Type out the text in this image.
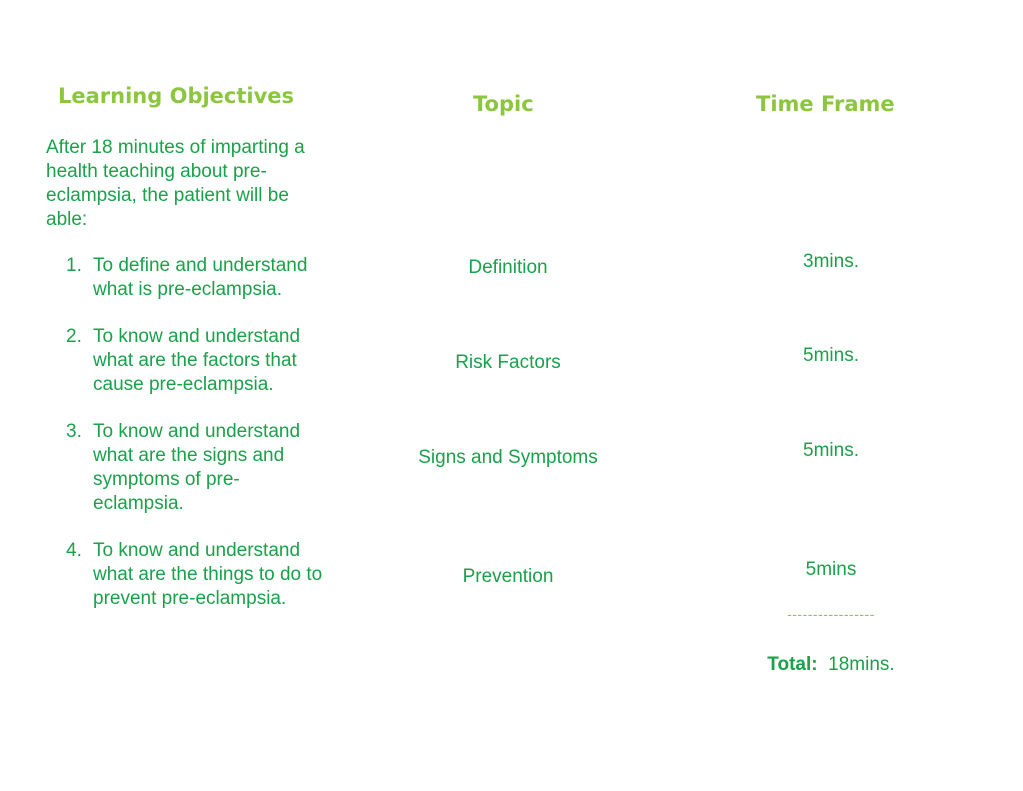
Learning Objectives	Topic	Time Frame

After 18 minutes of imparting a health teaching about pre-eclampsia, the patient will be able:

1. To define and understand what is pre-eclampsia.
2. To know and understand what are the factors that cause pre-eclampsia.
3. To know and understand what are the signs and symptoms of pre-eclampsia.
4. To know and understand what are the things to do to prevent pre-eclampsia.
Definition
Risk Factors
Signs and Symptoms
Prevention
3mins.
5mins.
5mins.
5mins
-----------------
Total: 18mins.
